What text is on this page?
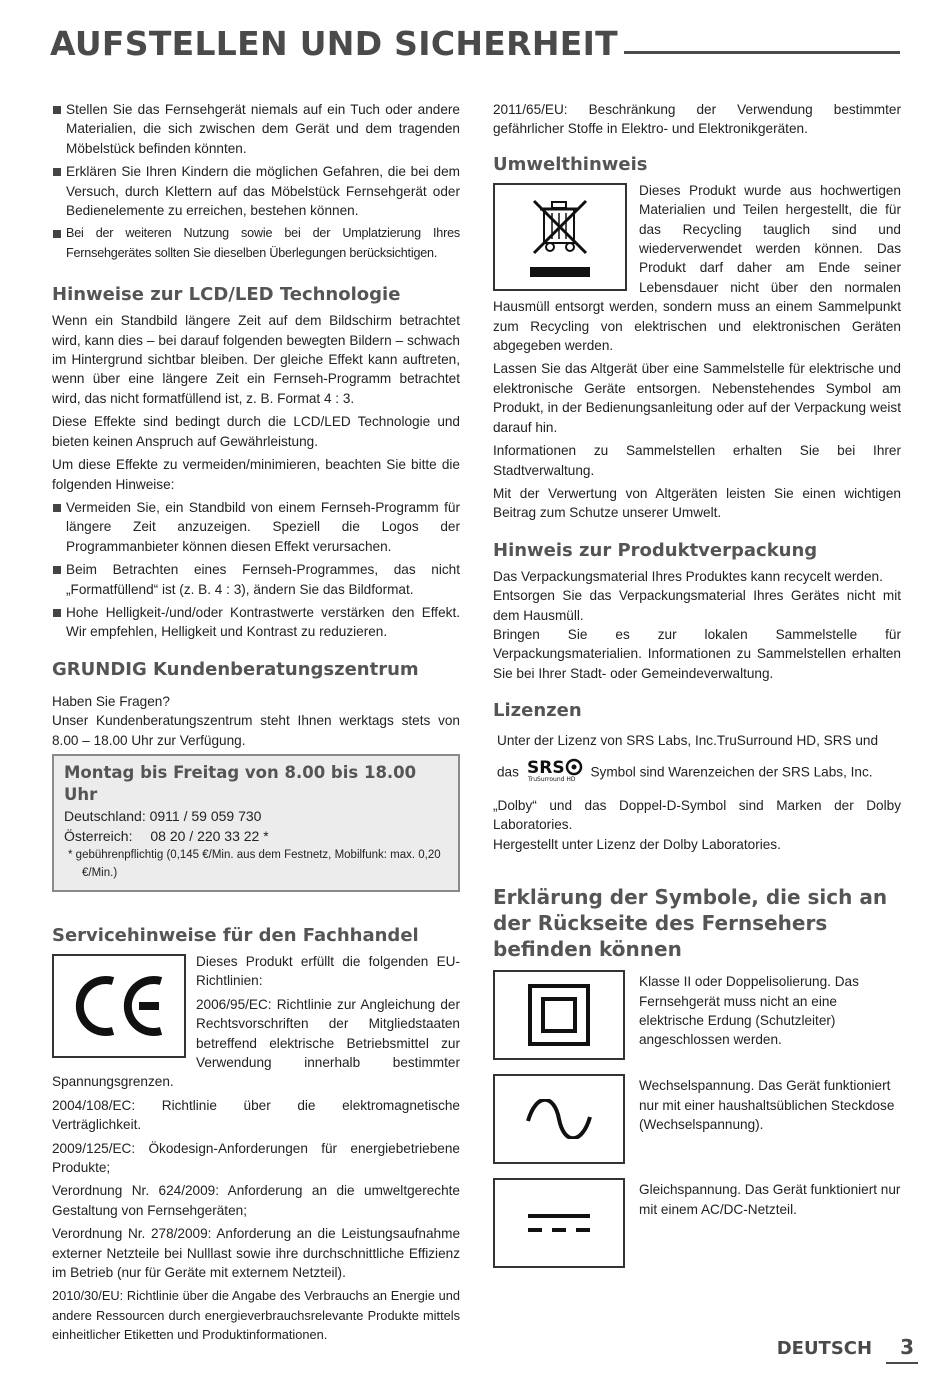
AUFSTELLEN UND SICHERHEIT
Stellen Sie das Fernsehgerät niemals auf ein Tuch oder andere Materialien, die sich zwischen dem Gerät und dem tragenden Möbelstück befinden könnten.
Erklären Sie Ihren Kindern die möglichen Gefahren, die bei dem Versuch, durch Klettern auf das Möbelstück Fernsehgerät oder Bedienelemente zu erreichen, bestehen können.
Bei der weiteren Nutzung sowie bei der Umplatzierung Ihres Fernsehgerätes sollten Sie dieselben Überlegungen berücksichtigen.
Hinweise zur LCD/LED Technologie

Wenn ein Standbild längere Zeit auf dem Bildschirm betrachtet wird, kann dies – bei darauf folgenden bewegten Bildern – schwach im Hintergrund sichtbar bleiben. Der gleiche Effekt kann auftreten, wenn über eine längere Zeit ein Fernseh-Programm betrachtet wird, das nicht formatfüllend ist, z. B. Format 4 : 3.

Diese Effekte sind bedingt durch die LCD/LED Technologie und bieten keinen Anspruch auf Gewährleistung.

Um diese Effekte zu vermeiden/minimieren, beachten Sie bitte die folgenden Hinweise:

Vermeiden Sie, ein Standbild von einem Fernseh-Programm für längere Zeit anzuzeigen. Speziell die Logos der Programmanbieter können diesen Effekt verursachen.
Beim Betrachten eines Fernseh-Programmes, das nicht „Formatfüllend“ ist (z. B. 4 : 3), ändern Sie das Bildformat.
Hohe Helligkeit-/und/oder Kontrastwerte verstärken den Effekt. Wir empfehlen, Helligkeit und Kontrast zu reduzieren.
GRUNDIG Kundenberatungszentrum

Haben Sie Fragen?

Unser Kundenberatungszentrum steht Ihnen werktags stets von 8.00 – 18.00 Uhr zur Verfügung.

Montag bis Freitag von 8.00 bis 18.00 Uhr
Deutschland: 0911 / 59 059 730
Österreich: 08 20 / 220 33 22 *
* gebührenpflichtig (0,145 €/Min. aus dem Festnetz, Mobilfunk: max. 0,20 €/Min.)
Servicehinweise für den Fachhandel

Dieses Produkt erfüllt die folgenden EU-Richtlinien:

2006/95/EC: Richtlinie zur Angleichung der Rechtsvorschriften der Mitgliedstaaten betreffend elektrische Betriebsmittel zur Verwendung innerhalb bestimmter Spannungsgrenzen.

2004/108/EC: Richtlinie über die elektromagnetische Verträglichkeit.

2009/125/EC: Ökodesign-Anforderungen für energiebetriebene Produkte;

Verordnung Nr. 624/2009: Anforderung an die umweltgerechte Gestaltung von Fernsehgeräten;

Verordnung Nr. 278/2009: Anforderung an die Leistungsaufnahme externer Netzteile bei Nulllast sowie ihre durchschnittliche Effizienz im Betrieb (nur für Geräte mit externem Netzteil).

2010/30/EU: Richtlinie über die Angabe des Verbrauchs an Energie und andere Ressourcen durch energieverbrauchsrelevante Produkte mittels einheitlicher Etiketten und Produktinformationen.

2011/65/EU: Beschränkung der Verwendung bestimmter gefährlicher Stoffe in Elektro- und Elektronikgeräten.

Umwelthinweis

Dieses Produkt wurde aus hochwertigen Materialien und Teilen hergestellt, die für das Recycling tauglich sind und wiederverwendet werden können. Das Produkt darf daher am Ende seiner Lebensdauer nicht über den normalen Hausmüll entsorgt werden, sondern muss an einem Sammelpunkt zum Recycling von elektrischen und elektronischen Geräten abgegeben werden.

Lassen Sie das Altgerät über eine Sammelstelle für elektrische und elektronische Geräte entsorgen. Nebenstehendes Symbol am Produkt, in der Bedienungsanleitung oder auf der Verpackung weist darauf hin.

Informationen zu Sammelstellen erhalten Sie bei Ihrer Stadtverwaltung.

Mit der Verwertung von Altgeräten leisten Sie einen wichtigen Beitrag zum Schutze unserer Umwelt.

Hinweis zur Produktverpackung

Das Verpackungsmaterial Ihres Produktes kann recycelt werden.

Entsorgen Sie das Verpackungsmaterial Ihres Gerätes nicht mit dem Hausmüll.

Bringen Sie es zur lokalen Sammelstelle für Verpackungsmaterialien. Informationen zu Sammelstellen erhalten Sie bei Ihrer Stadt- oder Gemeindeverwaltung.

Lizenzen

Unter der Lizenz von SRS Labs, Inc.TruSurround HD, SRS und

das SRS
TruSurround HD
Symbol sind Warenzeichen der SRS Labs, Inc.

„Dolby“ und das Doppel-D-Symbol sind Marken der Dolby Laboratories.

Hergestellt unter Lizenz der Dolby Laboratories.

Erklärung der Symbole, die sich an der Rückseite des Fernsehers befinden können
Klasse II oder Doppelisolierung. Das Fernsehgerät muss nicht an eine elektrische Erdung (Schutzleiter) angeschlossen werden.
Wechselspannung. Das Gerät funktioniert nur mit einer haushaltsüblichen Steckdose (Wechselspannung).
Gleichspannung. Das Gerät funktioniert nur mit einem AC/DC-Netzteil.
DEUTSCH	3
